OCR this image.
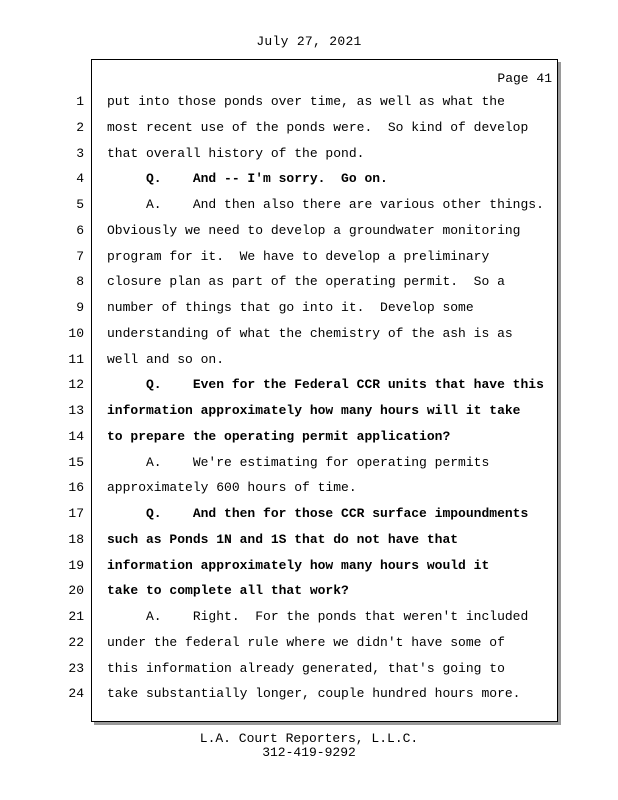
July 27, 2021
Page 41
1 put into those ponds over time, as well as what the
2 most recent use of the ponds were.  So kind of develop
3 that overall history of the pond.
4 Q.    And -- I'm sorry.  Go on.
5 A.    And then also there are various other things.
6 Obviously we need to develop a groundwater monitoring
7 program for it.  We have to develop a preliminary
8 closure plan as part of the operating permit.  So a
9 number of things that go into it.  Develop some
10 understanding of what the chemistry of the ash is as
11 well and so on.
12 Q.    Even for the Federal CCR units that have this
13 information approximately how many hours will it take
14 to prepare the operating permit application?
15 A.    We're estimating for operating permits
16 approximately 600 hours of time.
17 Q.    And then for those CCR surface impoundments
18 such as Ponds 1N and 1S that do not have that
19 information approximately how many hours would it
20 take to complete all that work?
21 A.    Right.  For the ponds that weren't included
22 under the federal rule where we didn't have some of
23 this information already generated, that's going to
24 take substantially longer, couple hundred hours more.
L.A. Court Reporters, L.L.C.
312-419-9292
